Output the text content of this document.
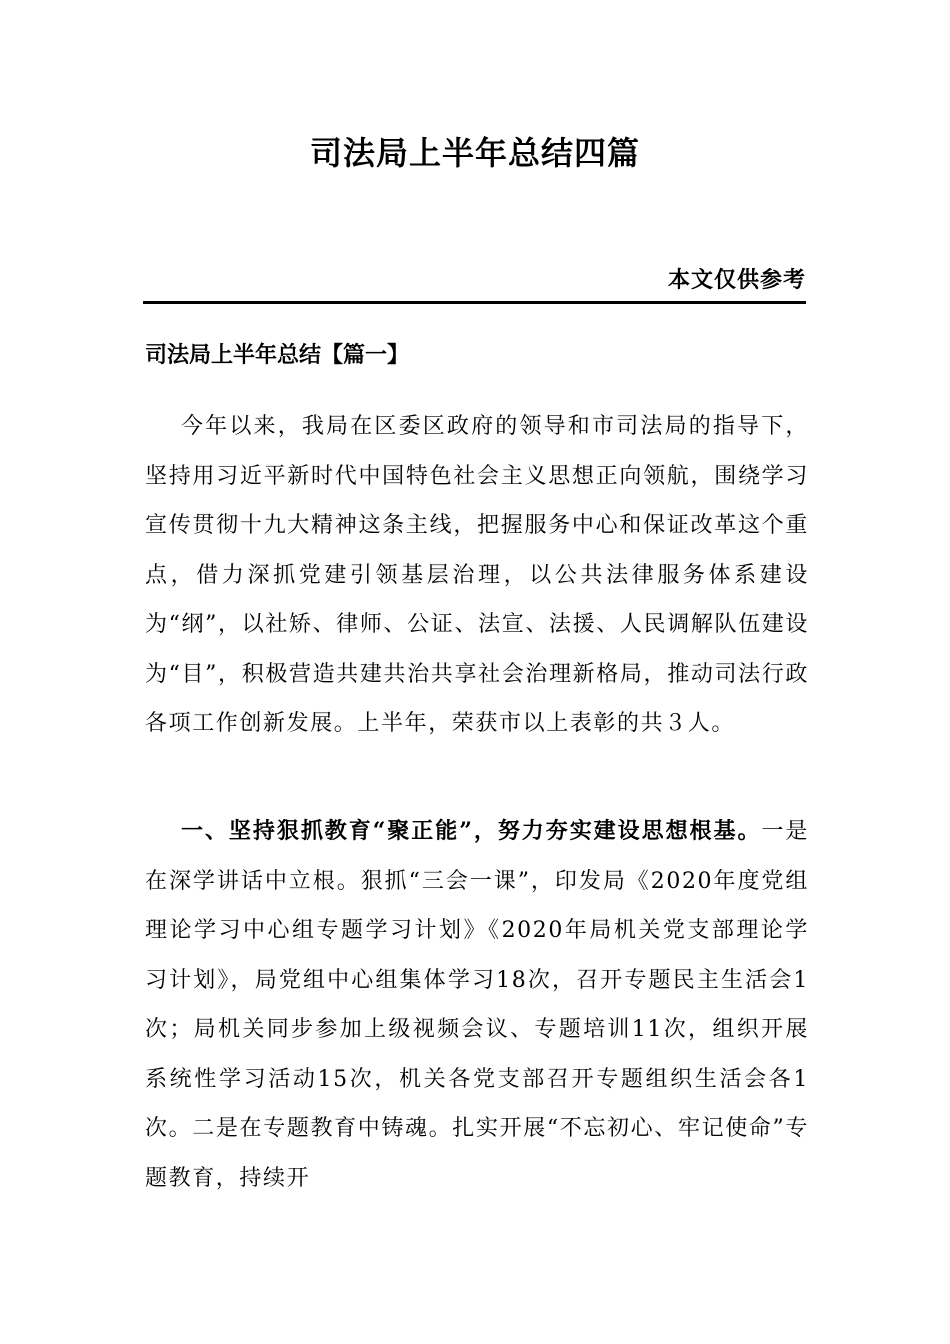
司法局上半年总结四篇
本文仅供参考
司法局上半年总结【篇一】

今年以来，我局在区委区政府的领导和市司法局的指导下，坚持用习近平新时代中国特色社会主义思想正向领航，围绕学习宣传贯彻十九大精神这条主线，把握服务中心和保证改革这个重点，借力深抓党建引领基层治理，以公共法律服务体系建设为“纲”，以社矫、律师、公证、法宣、法援、人民调解队伍建设为“目”，积极营造共建共治共享社会治理新格局，推动司法行政各项工作创新发展。上半年，荣获市以上表彰的共３人。

一、坚持狠抓教育“聚正能”，努力夯实建设思想根基。一是在深学讲话中立根。狠抓“三会一课”，印发局《2020年度党组理论学习中心组专题学习计划》《2020年局机关党支部理论学习计划》，局党组中心组集体学习18次，召开专题民主生活会1次；局机关同步参加上级视频会议、专题培训11次，组织开展系统性学习活动15次，机关各党支部召开专题组织生活会各1次。二是在专题教育中铸魂。扎实开展“不忘初心、牢记使命”专题教育，持续开
